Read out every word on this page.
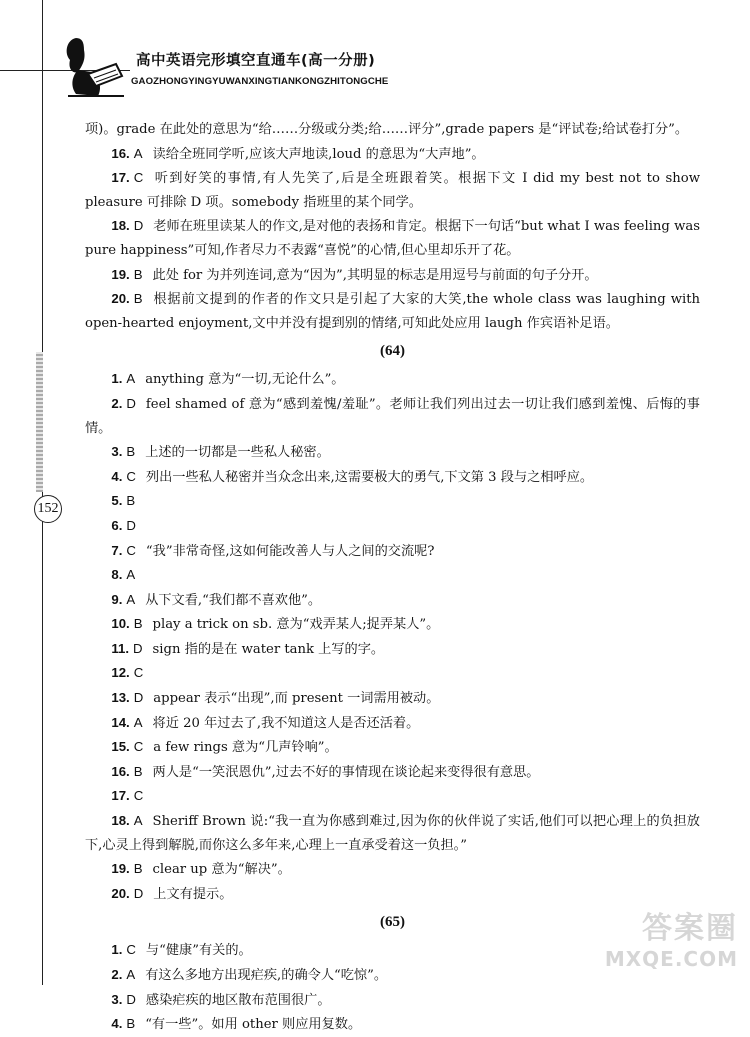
高中英语完形填空直通车(高一分册)
GAOZHONGYINGYUWANXINGTIANKONGZHITONGCHE
152

项)。grade 在此处的意思为“给……分级或分类;给……评分”,grade papers 是“评试卷;给试卷打分”。

16. A 读给全班同学听,应该大声地读,loud 的意思为“大声地”。

17. C 听到好笑的事情,有人先笑了,后是全班跟着笑。根据下文 I did my best not to show pleasure 可排除 D 项。somebody 指班里的某个同学。

18. D 老师在班里读某人的作文,是对他的表扬和肯定。根据下一句话“but what I was feeling was pure happiness”可知,作者尽力不表露“喜悦”的心情,但心里却乐开了花。

19. B 此处 for 为并列连词,意为“因为”,其明显的标志是用逗号与前面的句子分开。

20. B 根据前文提到的作者的作文只是引起了大家的大笑,the whole class was laughing with open-hearted enjoyment,文中并没有提到别的情绪,可知此处应用 laugh 作宾语补足语。

(64)

1. A anything 意为“一切,无论什么”。

2. D feel shamed of 意为“感到羞愧/羞耻”。老师让我们列出过去一切让我们感到羞愧、后悔的事情。

3. B 上述的一切都是一些私人秘密。

4. C 列出一些私人秘密并当众念出来,这需要极大的勇气,下文第 3 段与之相呼应。

5. B

6. D

7. C “我”非常奇怪,这如何能改善人与人之间的交流呢?

8. A

9. A 从下文看,“我们都不喜欢他”。

10. B play a trick on sb. 意为“戏弄某人;捉弄某人”。

11. D sign 指的是在 water tank 上写的字。

12. C

13. D appear 表示“出现”,而 present 一词需用被动。

14. A 将近 20 年过去了,我不知道这人是否还活着。

15. C a few rings 意为“几声铃响”。

16. B 两人是“一笑泯恩仇”,过去不好的事情现在谈论起来变得很有意思。

17. C

18. A Sheriff Brown 说:“我一直为你感到难过,因为你的伙伴说了实话,他们可以把心理上的负担放下,心灵上得到解脱,而你这么多年来,心理上一直承受着这一负担。”

19. B clear up 意为“解决”。

20. D 上文有提示。

(65)

1. C 与“健康”有关的。

2. A 有这么多地方出现疟疾,的确令人“吃惊”。

3. D 感染疟疾的地区散布范围很广。

4. B “有一些”。如用 other 则应用复数。

答案圈
MXQE.COM
